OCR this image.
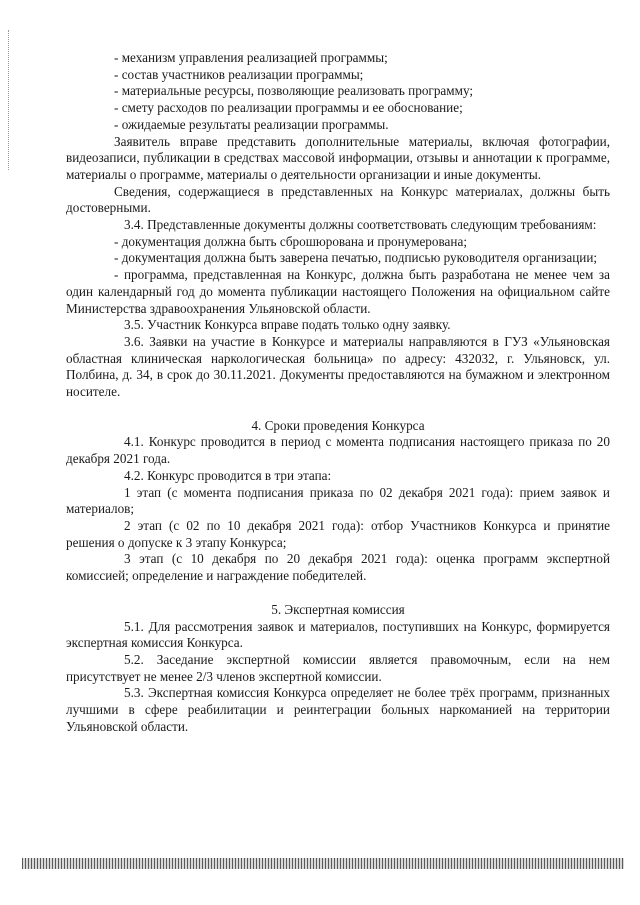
- механизм управления реализацией программы;

- состав участников реализации программы;

- материальные ресурсы, позволяющие реализовать программу;

- смету расходов по реализации программы и ее обоснование;

- ожидаемые результаты реализации программы.

Заявитель вправе представить дополнительные материалы, включая фотографии, видеозаписи, публикации в средствах массовой информации, отзывы и аннотации к программе, материалы о программе, материалы о деятельности организации и иные документы.

Сведения, содержащиеся в представленных на Конкурс материалах, должны быть достоверными.

3.4. Представленные документы должны соответствовать следующим требованиям:

- документация должна быть сброшюрована и пронумерована;

- документация должна быть заверена печатью, подписью руководителя организации;

- программа, представленная на Конкурс, должна быть разработана не менее чем за один календарный год до момента публикации настоящего Положения на официальном сайте Министерства здравоохранения Ульяновской области.

3.5. Участник Конкурса вправе подать только одну заявку.

3.6. Заявки на участие в Конкурсе и материалы направляются в ГУЗ «Ульяновская областная клиническая наркологическая больница» по адресу: 432032, г. Ульяновск, ул. Полбина, д. 34, в срок до 30.11.2021. Документы предоставляются на бумажном и электронном носителе.

4. Сроки проведения Конкурса

4.1. Конкурс проводится в период с момента подписания настоящего приказа по 20 декабря 2021 года.

4.2. Конкурс проводится в три этапа:

1 этап (с момента подписания приказа по 02 декабря 2021 года): прием заявок и материалов;

2 этап (с 02 по 10 декабря 2021 года): отбор Участников Конкурса и принятие решения о допуске к 3 этапу Конкурса;

3 этап (с 10 декабря по 20 декабря 2021 года): оценка программ экспертной комиссией; определение и награждение победителей.

5. Экспертная комиссия

5.1. Для рассмотрения заявок и материалов, поступивших на Конкурс, формируется экспертная комиссия Конкурса.

5.2. Заседание экспертной комиссии является правомочным, если на нем присутствует не менее 2/3 членов экспертной комиссии.

5.3. Экспертная комиссия Конкурса определяет не более трёх программ, признанных лучшими в сфере реабилитации и реинтеграции больных наркоманией на территории Ульяновской области.
